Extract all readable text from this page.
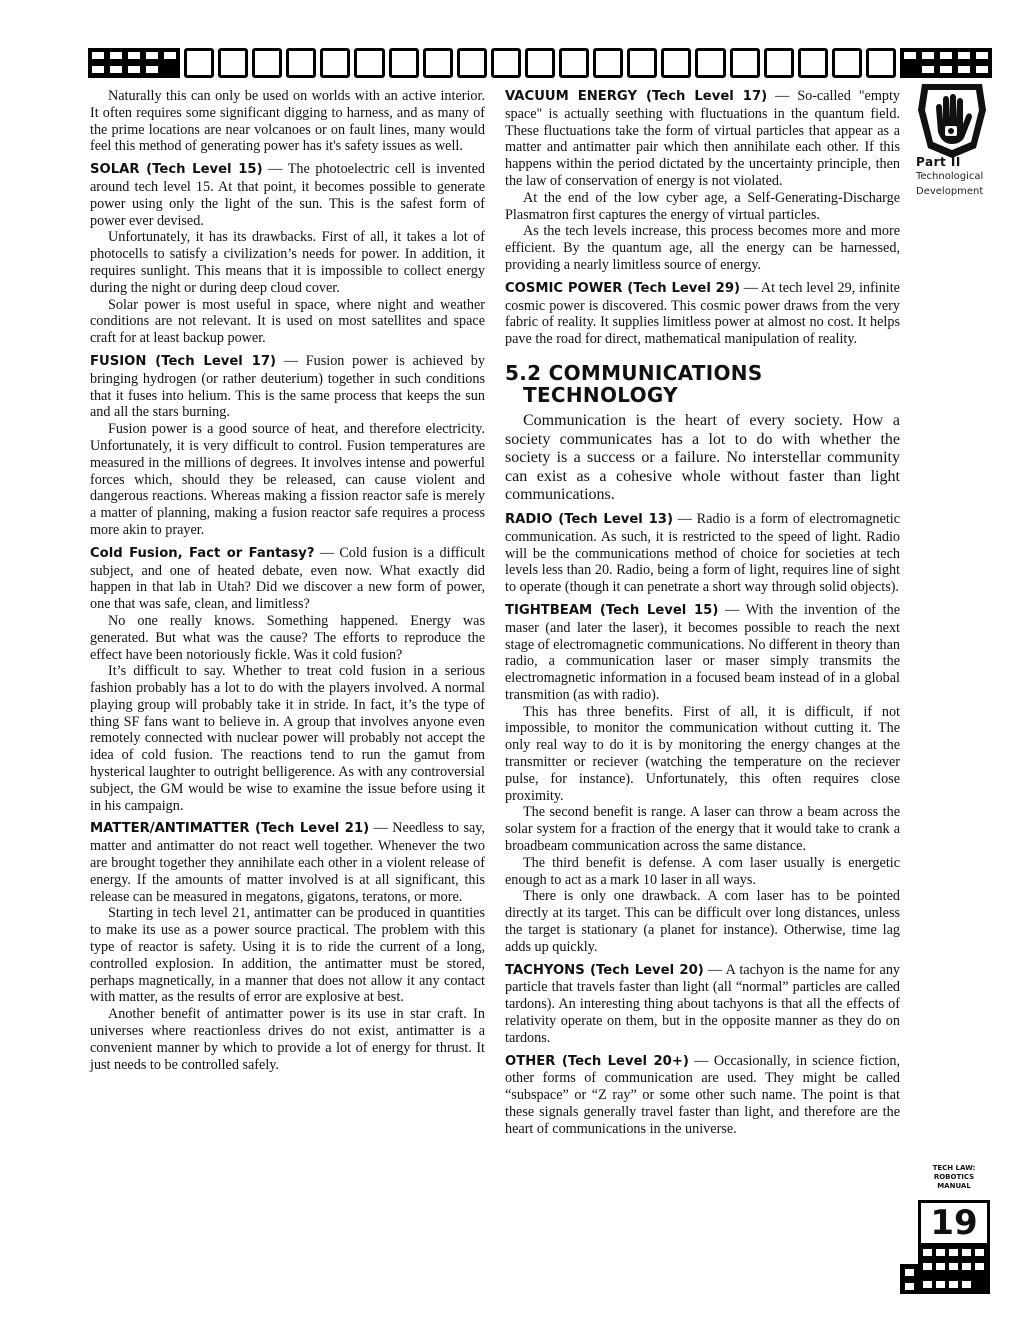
Part II
Technological
Development
TECH LAW:
ROBOTICS
MANUAL
19

Naturally this can only be used on worlds with an active interior. It often requires some significant digging to harness, and as many of the prime locations are near volcanoes or on fault lines, many would feel this method of generating power has it's safety issues as well.

SOLAR (Tech Level 15) — The photoelectric cell is invented around tech level 15. At that point, it becomes possible to generate power using only the light of the sun. This is the safest form of power ever devised.

Unfortunately, it has its drawbacks. First of all, it takes a lot of photocells to satisfy a civilization’s needs for power. In addition, it requires sunlight. This means that it is impossible to collect energy during the night or during deep cloud cover.

Solar power is most useful in space, where night and weather conditions are not relevant. It is used on most satellites and space craft for at least backup power.

FUSION (Tech Level 17) — Fusion power is achieved by bringing hydrogen (or rather deuterium) together in such conditions that it fuses into helium. This is the same process that keeps the sun and all the stars burning.

Fusion power is a good source of heat, and therefore electricity. Unfortunately, it is very difficult to control. Fusion temperatures are measured in the millions of degrees. It involves intense and powerful forces which, should they be released, can cause violent and dangerous reactions. Whereas making a fission reactor safe is merely a matter of planning, making a fusion reactor safe requires a process more akin to prayer.

Cold Fusion, Fact or Fantasy? — Cold fusion is a difficult subject, and one of heated debate, even now. What exactly did happen in that lab in Utah? Did we discover a new form of power, one that was safe, clean, and limitless?

No one really knows. Something happened. Energy was generated. But what was the cause? The efforts to reproduce the effect have been notoriously fickle. Was it cold fusion?

It’s difficult to say. Whether to treat cold fusion in a serious fashion probably has a lot to do with the players involved. A normal playing group will probably take it in stride. In fact, it’s the type of thing SF fans want to believe in. A group that involves anyone even remotely connected with nuclear power will probably not accept the idea of cold fusion. The reactions tend to run the gamut from hysterical laughter to outright belligerence. As with any controversial subject, the GM would be wise to examine the issue before using it in his campaign.

MATTER/ANTIMATTER (Tech Level 21) — Needless to say, matter and antimatter do not react well together. Whenever the two are brought together they annihilate each other in a violent release of energy. If the amounts of matter involved is at all significant, this release can be measured in megatons, gigatons, teratons, or more.

Starting in tech level 21, antimatter can be produced in quantities to make its use as a power source practical. The problem with this type of reactor is safety. Using it is to ride the current of a long, controlled explosion. In addition, the antimatter must be stored, perhaps magnetically, in a manner that does not allow it any contact with matter, as the results of error are explosive at best.

Another benefit of antimatter power is its use in star craft. In universes where reactionless drives do not exist, antimatter is a convenient manner by which to provide a lot of energy for thrust. It just needs to be controlled safely.

VACUUM ENERGY (Tech Level 17) — So-called "empty space" is actually seething with fluctuations in the quantum field. These fluctuations take the form of virtual particles that appear as a matter and antimatter pair which then annihilate each other. If this happens within the period dictated by the uncertainty principle, then the law of conservation of energy is not violated.

At the end of the low cyber age, a Self-Generating-Discharge Plasmatron first captures the energy of virtual particles.

As the tech levels increase, this process becomes more and more efficient. By the quantum age, all the energy can be harnessed, providing a nearly limitless source of energy.

COSMIC POWER (Tech Level 29) — At tech level 29, infinite cosmic power is discovered. This cosmic power draws from the very fabric of reality. It supplies limitless power at almost no cost. It helps pave the road for direct, mathematical manipulation of reality.

5.2 COMMUNICATIONS
TECHNOLOGY

Communication is the heart of every society. How a society communicates has a lot to do with whether the society is a success or a failure. No interstellar community can exist as a cohesive whole without faster than light communications.

RADIO (Tech Level 13) — Radio is a form of electromagnetic communication. As such, it is restricted to the speed of light. Radio will be the communications method of choice for societies at tech levels less than 20. Radio, being a form of light, requires line of sight to operate (though it can penetrate a short way through solid objects).

TIGHTBEAM (Tech Level 15) — With the invention of the maser (and later the laser), it becomes possible to reach the next stage of electromagnetic communications. No different in theory than radio, a communication laser or maser simply transmits the electromagnetic information in a focused beam instead of in a global transmition (as with radio).

This has three benefits. First of all, it is difficult, if not impossible, to monitor the communication without cutting it. The only real way to do it is by monitoring the energy changes at the transmitter or reciever (watching the temperature on the reciever pulse, for instance). Unfortunately, this often requires close proximity.

The second benefit is range. A laser can throw a beam across the solar system for a fraction of the energy that it would take to crank a broadbeam communication across the same distance.

The third benefit is defense. A com laser usually is energetic enough to act as a mark 10 laser in all ways.

There is only one drawback. A com laser has to be pointed directly at its target. This can be difficult over long distances, unless the target is stationary (a planet for instance). Otherwise, time lag adds up quickly.

TACHYONS (Tech Level 20) — A tachyon is the name for any particle that travels faster than light (all “normal” particles are called tardons). An interesting thing about tachyons is that all the effects of relativity operate on them, but in the opposite manner as they do on tardons.

OTHER (Tech Level 20+) — Occasionally, in science fiction, other forms of communication are used. They might be called “subspace” or “Z ray” or some other such name. The point is that these signals generally travel faster than light, and therefore are the heart of communications in the universe.
